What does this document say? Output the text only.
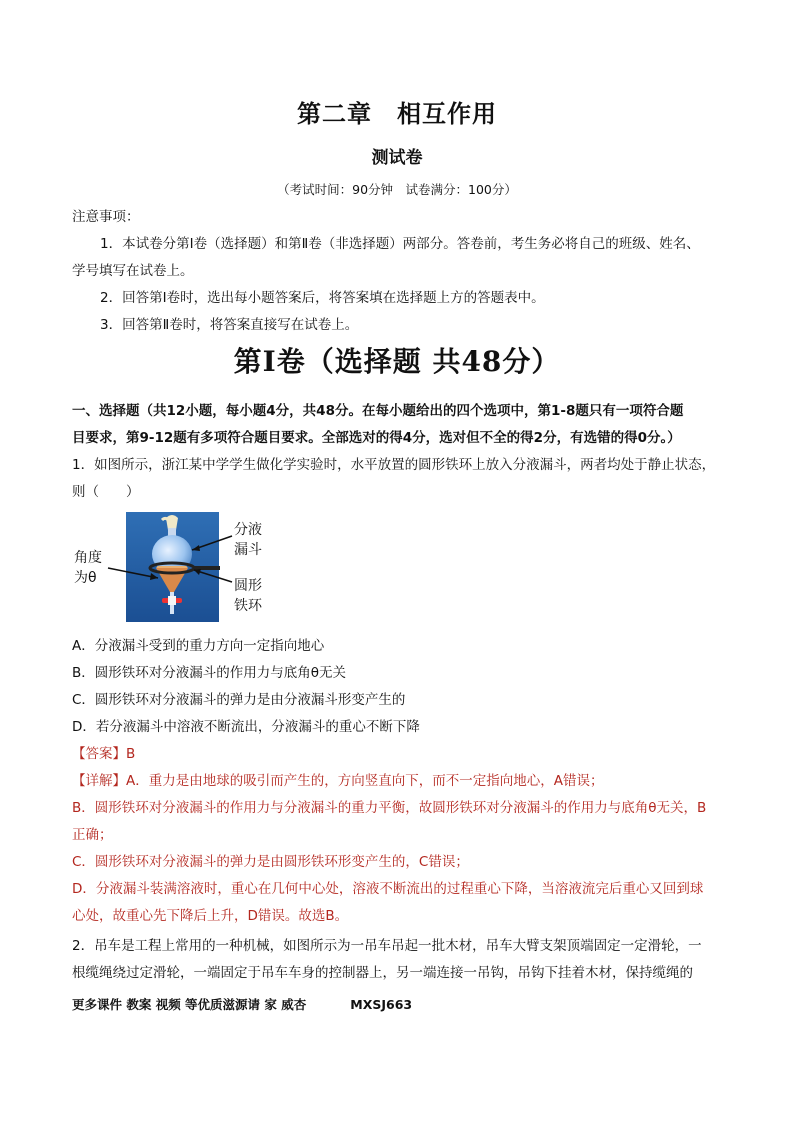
第二章　相互作用
测试卷
（考试时间：90分钟　试卷满分：100分）
注意事项：
1．本试卷分第Ⅰ卷（选择题）和第Ⅱ卷（非选择题）两部分。答卷前，考生务必将自己的班级、姓名、
学号填写在试卷上。
2．回答第Ⅰ卷时，选出每小题答案后，将答案填在选择题上方的答题表中。
3．回答第Ⅱ卷时，将答案直接写在试卷上。
第Ⅰ卷（选择题 共48分）
一、选择题（共12小题，每小题4分，共48分。在每小题给出的四个选项中，第1-8题只有一项符合题
目要求，第9-12题有多项符合题目要求。全部选对的得4分，选对但不全的得2分，有选错的得0分。）
1．如图所示，浙江某中学学生做化学实验时，水平放置的圆形铁环上放入分液漏斗，两者均处于静止状态，
则（　　）
分液
漏斗
角度
为θ	圆形
铁环
A．分液漏斗受到的重力方向一定指向地心
B．圆形铁环对分液漏斗的作用力与底角θ无关
C．圆形铁环对分液漏斗的弹力是由分液漏斗形变产生的
D．若分液漏斗中溶液不断流出，分液漏斗的重心不断下降
【答案】B
【详解】A．重力是由地球的吸引而产生的，方向竖直向下，而不一定指向地心，A错误；
B．圆形铁环对分液漏斗的作用力与分液漏斗的重力平衡，故圆形铁环对分液漏斗的作用力与底角θ无关，B
正确；
C．圆形铁环对分液漏斗的弹力是由圆形铁环形变产生的，C错误；
D．分液漏斗装满溶液时，重心在几何中心处，溶液不断流出的过程重心下降，当溶液流完后重心又回到球
心处，故重心先下降后上升，D错误。故选B。
2．吊车是工程上常用的一种机械，如图所示为一吊车吊起一批木材，吊车大臂支架顶端固定一定滑轮，一
根缆绳绕过定滑轮，一端固定于吊车车身的控制器上，另一端连接一吊钩，吊钩下挂着木材，保持缆绳的
更多课件 教案 视频 等优质滋源请 家 威杏	MXSJ663
